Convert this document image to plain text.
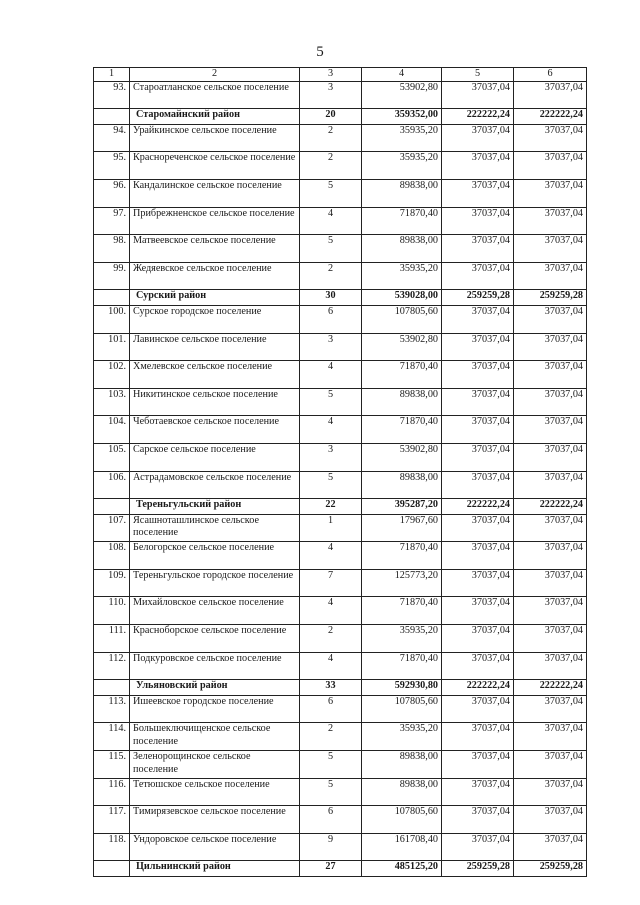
5
1	2	3	4	5	6
93.	Староатланское сельское поселение	3	53902,80	37037,04	37037,04
	Старомайнский район	20	359352,00	222222,24	222222,24
94.	Урайкинское сельское поселение	2	35935,20	37037,04	37037,04
95.	Краснореченское сельское поселение	2	35935,20	37037,04	37037,04
96.	Кандалинское сельское поселение	5	89838,00	37037,04	37037,04
97.	Прибрежненское сельское поселение	4	71870,40	37037,04	37037,04
98.	Матвеевское сельское поселение	5	89838,00	37037,04	37037,04
99.	Жедяевское сельское поселение	2	35935,20	37037,04	37037,04
	Сурский район	30	539028,00	259259,28	259259,28
100.	Сурское городское поселение	6	107805,60	37037,04	37037,04
101.	Лавинское сельское поселение	3	53902,80	37037,04	37037,04
102.	Хмелевское сельское поселение	4	71870,40	37037,04	37037,04
103.	Никитинское сельское поселение	5	89838,00	37037,04	37037,04
104.	Чеботаевское сельское поселение	4	71870,40	37037,04	37037,04
105.	Сарское сельское поселение	3	53902,80	37037,04	37037,04
106.	Астрадамовское сельское поселение	5	89838,00	37037,04	37037,04
	Тереньгульский район	22	395287,20	222222,24	222222,24
107.	Ясашноташлинское сельское поселение	1	17967,60	37037,04	37037,04
108.	Белогорское сельское поселение	4	71870,40	37037,04	37037,04
109.	Тереньгульское городское поселение	7	125773,20	37037,04	37037,04
110.	Михайловское сельское поселение	4	71870,40	37037,04	37037,04
111.	Красноборское сельское поселение	2	35935,20	37037,04	37037,04
112.	Подкуровское сельское поселение	4	71870,40	37037,04	37037,04
	Ульяновский район	33	592930,80	222222,24	222222,24
113.	Ишеевское городское поселение	6	107805,60	37037,04	37037,04
114.	Большеключищенское сельское поселение	2	35935,20	37037,04	37037,04
115.	Зеленорощинское сельское поселение	5	89838,00	37037,04	37037,04
116.	Тетюшское сельское поселение	5	89838,00	37037,04	37037,04
117.	Тимирязевское сельское поселение	6	107805,60	37037,04	37037,04
118.	Ундоровское сельское поселение	9	161708,40	37037,04	37037,04
	Цильнинский район	27	485125,20	259259,28	259259,28
